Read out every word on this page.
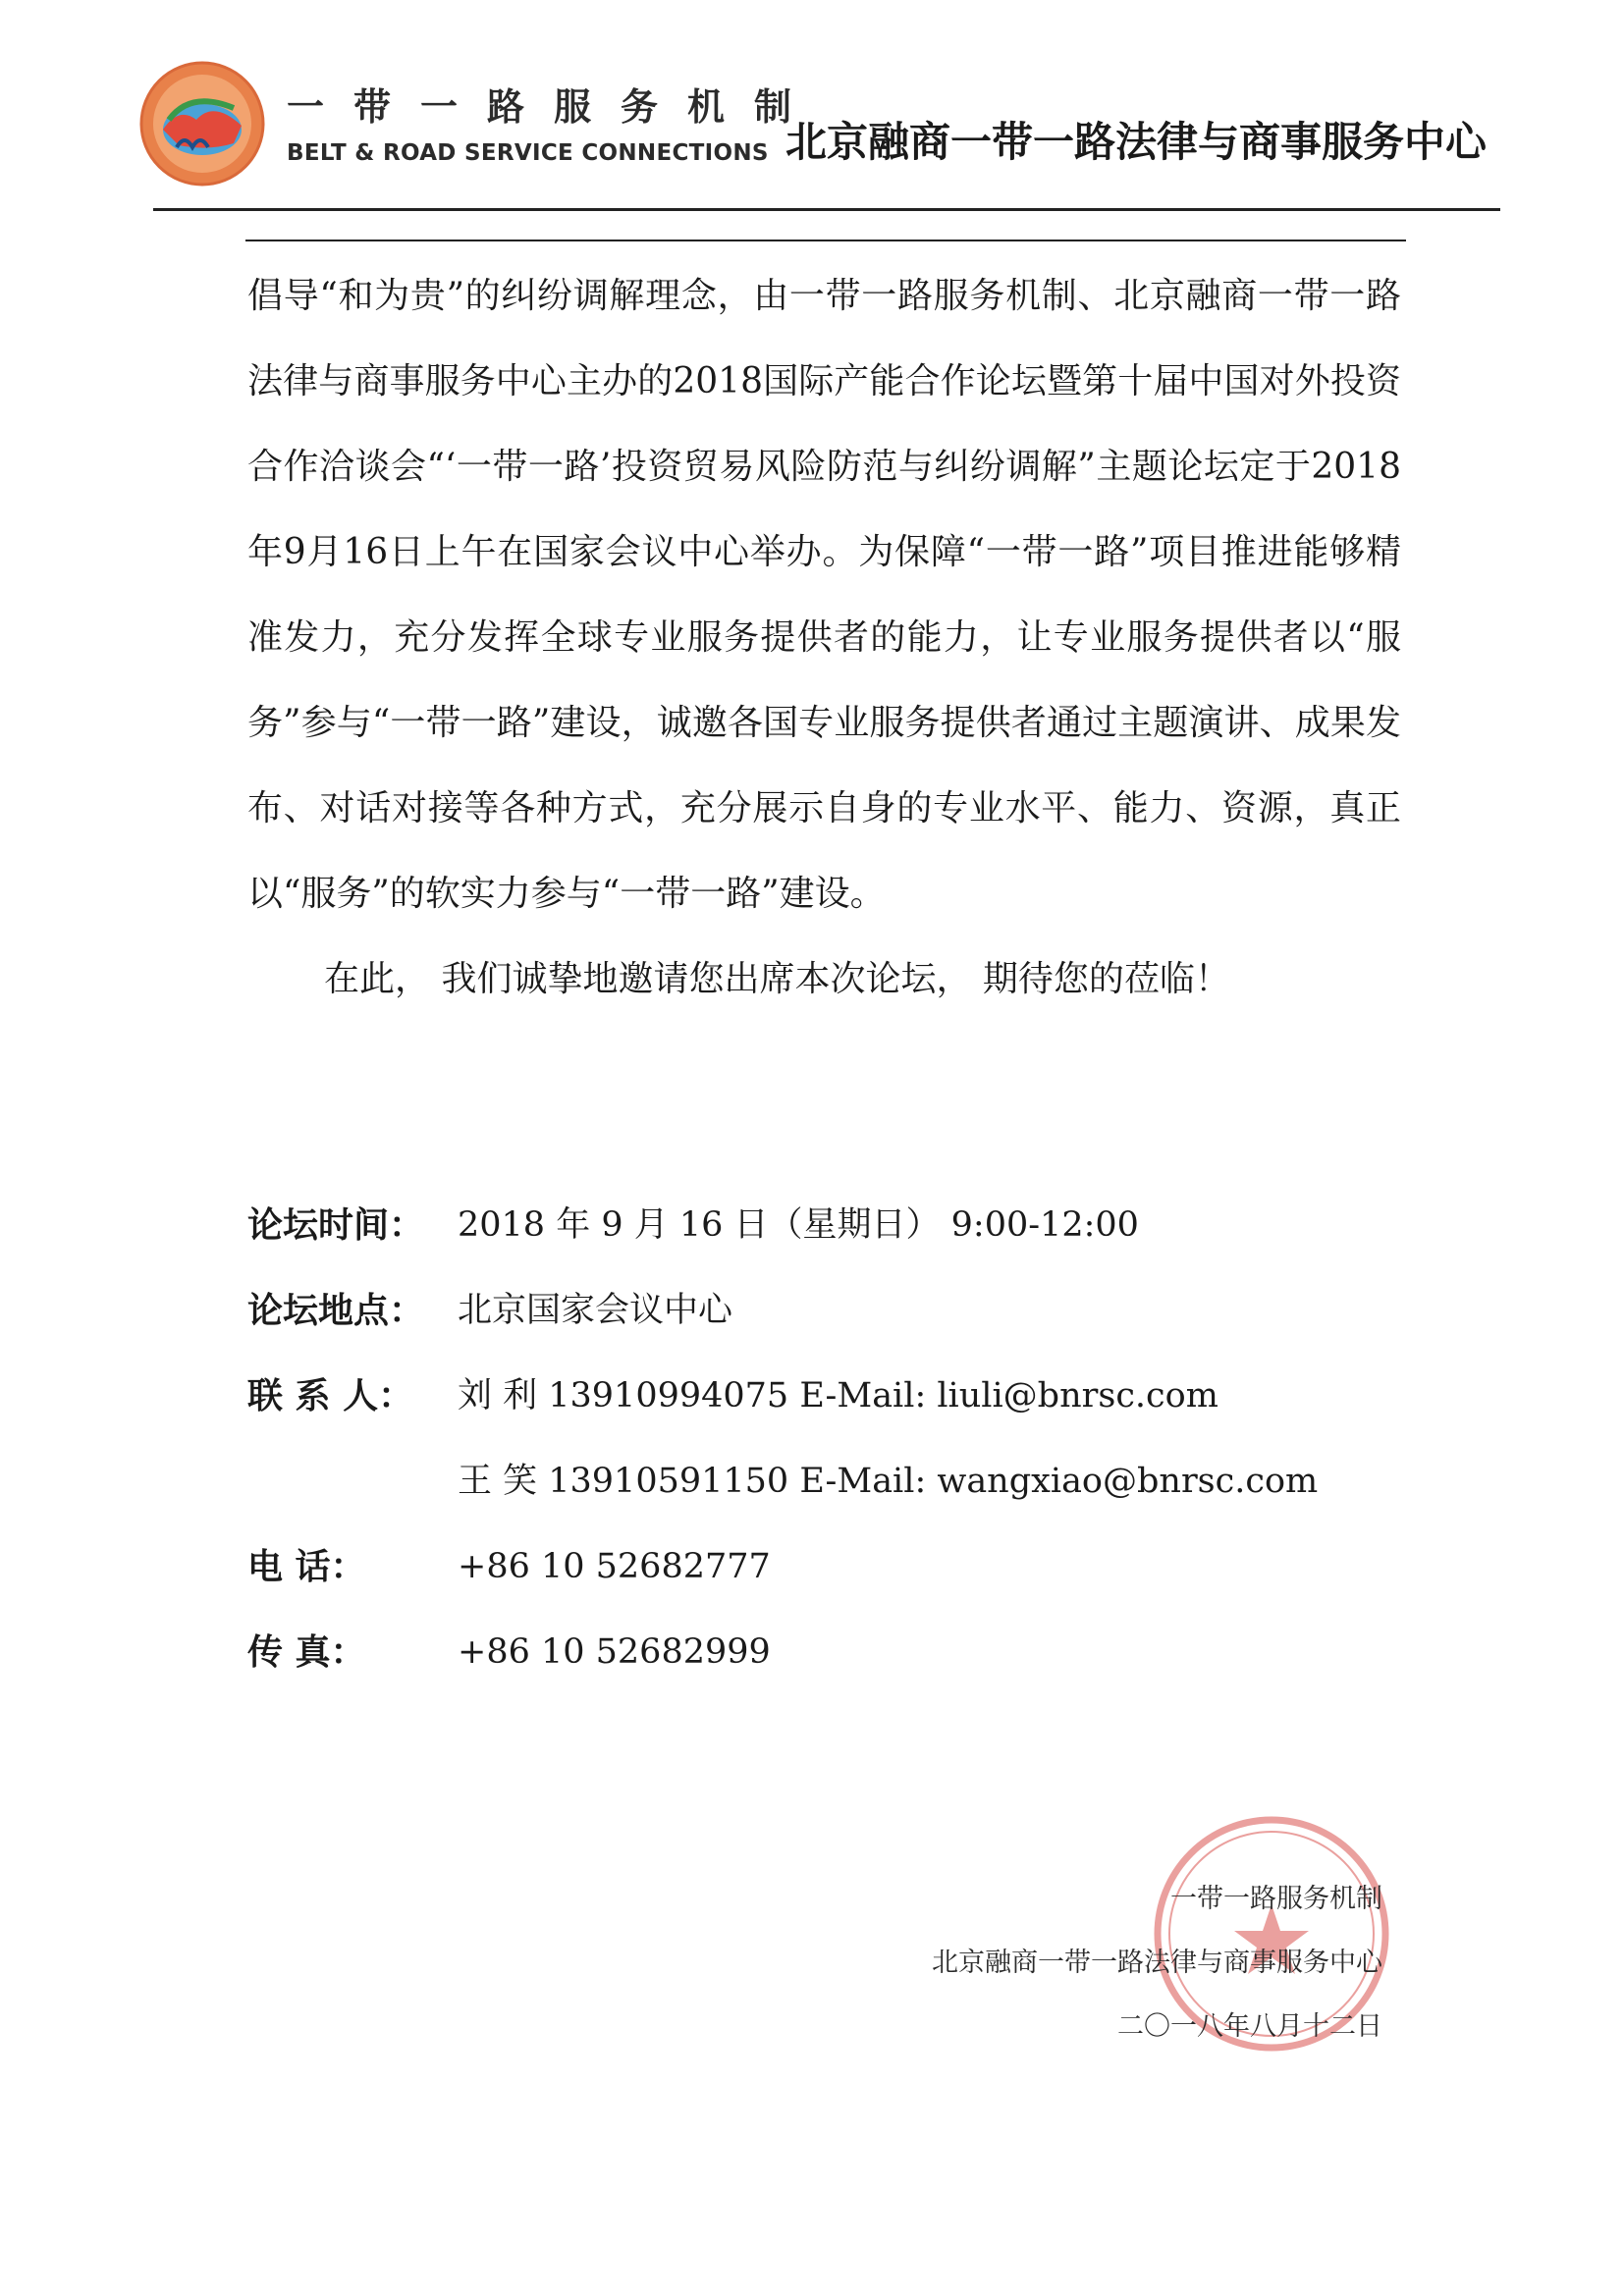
一带一路服务机制
BELT & ROAD SERVICE CONNECTIONS 北京融商一带一路法律与商事服务中心

倡导“和为贵”的纠纷调解理念，由一带一路服务机制、北京融商一带一路法律与商事服务中心主办的2018国际产能合作论坛暨第十届中国对外投资合作洽谈会“‘一带一路’投资贸易风险防范与纠纷调解”主题论坛定于2018年9月16日上午在国家会议中心举办。为保障“一带一路”项目推进能够精准发力，充分发挥全球专业服务提供者的能力，让专业服务提供者以“服务”参与“一带一路”建设，诚邀各国专业服务提供者通过主题演讲、成果发布、对话对接等各种方式，充分展示自身的专业水平、能力、资源，真正以“服务”的软实力参与“一带一路”建设。

在此， 我们诚挚地邀请您出席本次论坛， 期待您的莅临！

论坛时间： 2018 年 9 月 16 日（星期日） 9:00-12:00
论坛地点： 北京国家会议中心
联 系 人： 刘 利 13910994075 E-Mail: liuli@bnrsc.com
王 笑 13910591150 E-Mail: wangxiao@bnrsc.com
电 话：	+86 10 52682777
传 真：	+86 10 52682999
一带一路服务机制
北京融商一带一路法律与商事服务中心
二〇一八年八月十二日
